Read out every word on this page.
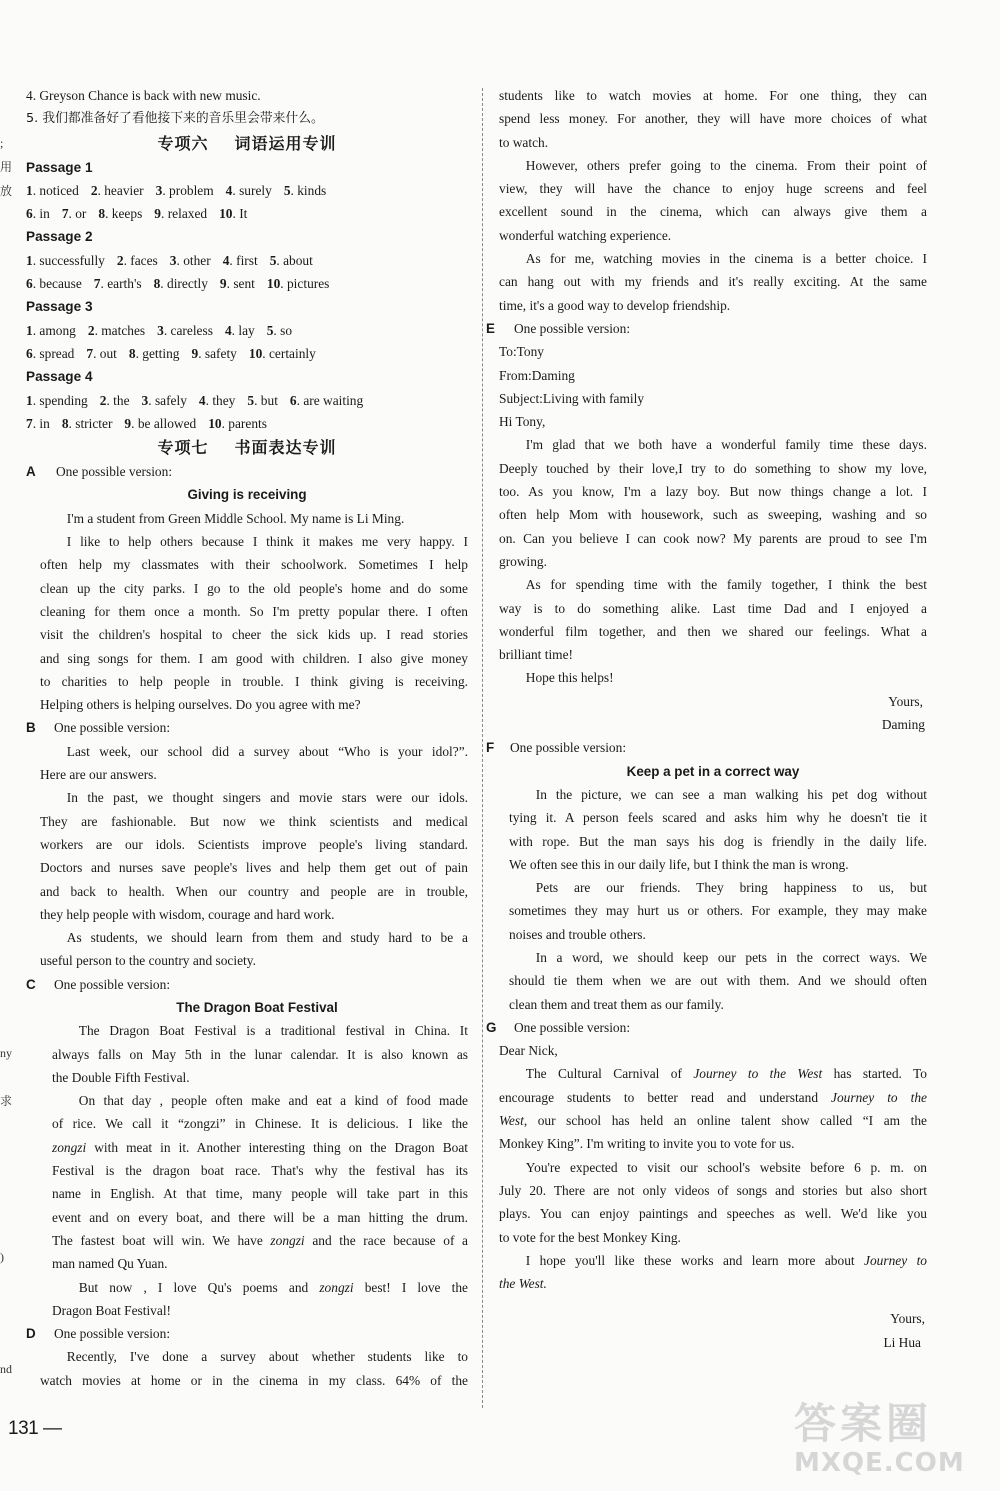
;
用
放
ny
求
)
nd
4. Greyson Chance is back with new music.
5. 我们都准备好了看他接下来的音乐里会带来什么。
专项六 词语运用专训
Passage 1
1. noticed 2. heavier 3. problem 4. surely 5. kinds
6. in 7. or 8. keeps 9. relaxed 10. It
Passage 2
1. successfully 2. faces 3. other 4. first 5. about
6. because 7. earth's 8. directly 9. sent 10. pictures
Passage 3
1. among 2. matches 3. careless 4. lay 5. so
6. spread 7. out 8. getting 9. safety 10. certainly
Passage 4
1. spending 2. the 3. safely 4. they 5. but 6. are waiting
7. in 8. stricter 9. be allowed 10. parents
专项七 书面表达专训
A One possible version:
Giving is receiving
I'm a student from Green Middle School. My name is Li Ming.
I like to help others because I think it makes me very happy. I
often help my classmates with their schoolwork. Sometimes I help
clean up the city parks. I go to the old people's home and do some
cleaning for them once a month. So I'm pretty popular there. I often
visit the children's hospital to cheer the sick kids up. I read stories
and sing songs for them. I am good with children. I also give money
to charities to help people in trouble. I think giving is receiving.
Helping others is helping ourselves. Do you agree with me?
B One possible version:
Last week, our school did a survey about “Who is your idol?”.
Here are our answers.
In the past, we thought singers and movie stars were our idols.
They are fashionable. But now we think scientists and medical
workers are our idols. Scientists improve people's living standard.
Doctors and nurses save people's lives and help them get out of pain
and back to health. When our country and people are in trouble,
they help people with wisdom, courage and hard work.
As students, we should learn from them and study hard to be a
useful person to the country and society.
C One possible version:
The Dragon Boat Festival
The Dragon Boat Festival is a traditional festival in China. It
always falls on May 5th in the lunar calendar. It is also known as
the Double Fifth Festival.
On that day , people often make and eat a kind of food made
of rice. We call it “zongzi” in Chinese. It is delicious. I like the
zongzi with meat in it. Another interesting thing on the Dragon Boat
Festival is the dragon boat race. That's why the festival has its
name in English. At that time, many people will take part in this
event and on every boat, and there will be a man hitting the drum.
The fastest boat will win. We have zongzi and the race because of a
man named Qu Yuan.
But now , I love Qu's poems and zongzi best! I love the
Dragon Boat Festival!
D One possible version:
Recently, I've done a survey about whether students like to
watch movies at home or in the cinema in my class. 64% of the
students like to watch movies at home. For one thing, they can
spend less money. For another, they will have more choices of what
to watch.
However, others prefer going to the cinema. From their point of
view, they will have the chance to enjoy huge screens and feel
excellent sound in the cinema, which can always give them a
wonderful watching experience.
As for me, watching movies in the cinema is a better choice. I
can hang out with my friends and it's really exciting. At the same
time, it's a good way to develop friendship.
E One possible version:
To:Tony
From:Daming
Subject:Living with family
Hi Tony,
I'm glad that we both have a wonderful family time these days.
Deeply touched by their love,I try to do something to show my love,
too. As you know, I'm a lazy boy. But now things change a lot. I
often help Mom with housework, such as sweeping, washing and so
on. Can you believe I can cook now? My parents are proud to see I'm
growing.
As for spending time with the family together, I think the best
way is to do something alike. Last time Dad and I enjoyed a
wonderful film together, and then we shared our feelings. What a
brilliant time!
Hope this helps!
Yours,
Daming
F One possible version:
Keep a pet in a correct way
In the picture, we can see a man walking his pet dog without
tying it. A person feels scared and asks him why he doesn't tie it
with rope. But the man says his dog is friendly in the daily life.
We often see this in our daily life, but I think the man is wrong.
Pets are our friends. They bring happiness to us, but
sometimes they may hurt us or others. For example, they may make
noises and trouble others.
In a word, we should keep our pets in the correct ways. We
should tie them when we are out with them. And we should often
clean them and treat them as our family.
G One possible version:
Dear Nick,
The Cultural Carnival of Journey to the West has started. To
encourage students to better read and understand Journey to the
West, our school has held an online talent show called “I am the
Monkey King”. I'm writing to invite you to vote for us.
You're expected to visit our school's website before 6 p. m. on
July 20. There are not only videos of songs and stories but also short
plays. You can enjoy paintings and speeches as well. We'd like you
to vote for the best Monkey King.
I hope you'll like these works and learn more about Journey to
the West.
Yours,
Li Hua
131 —	答案圈
MXQE.COM
